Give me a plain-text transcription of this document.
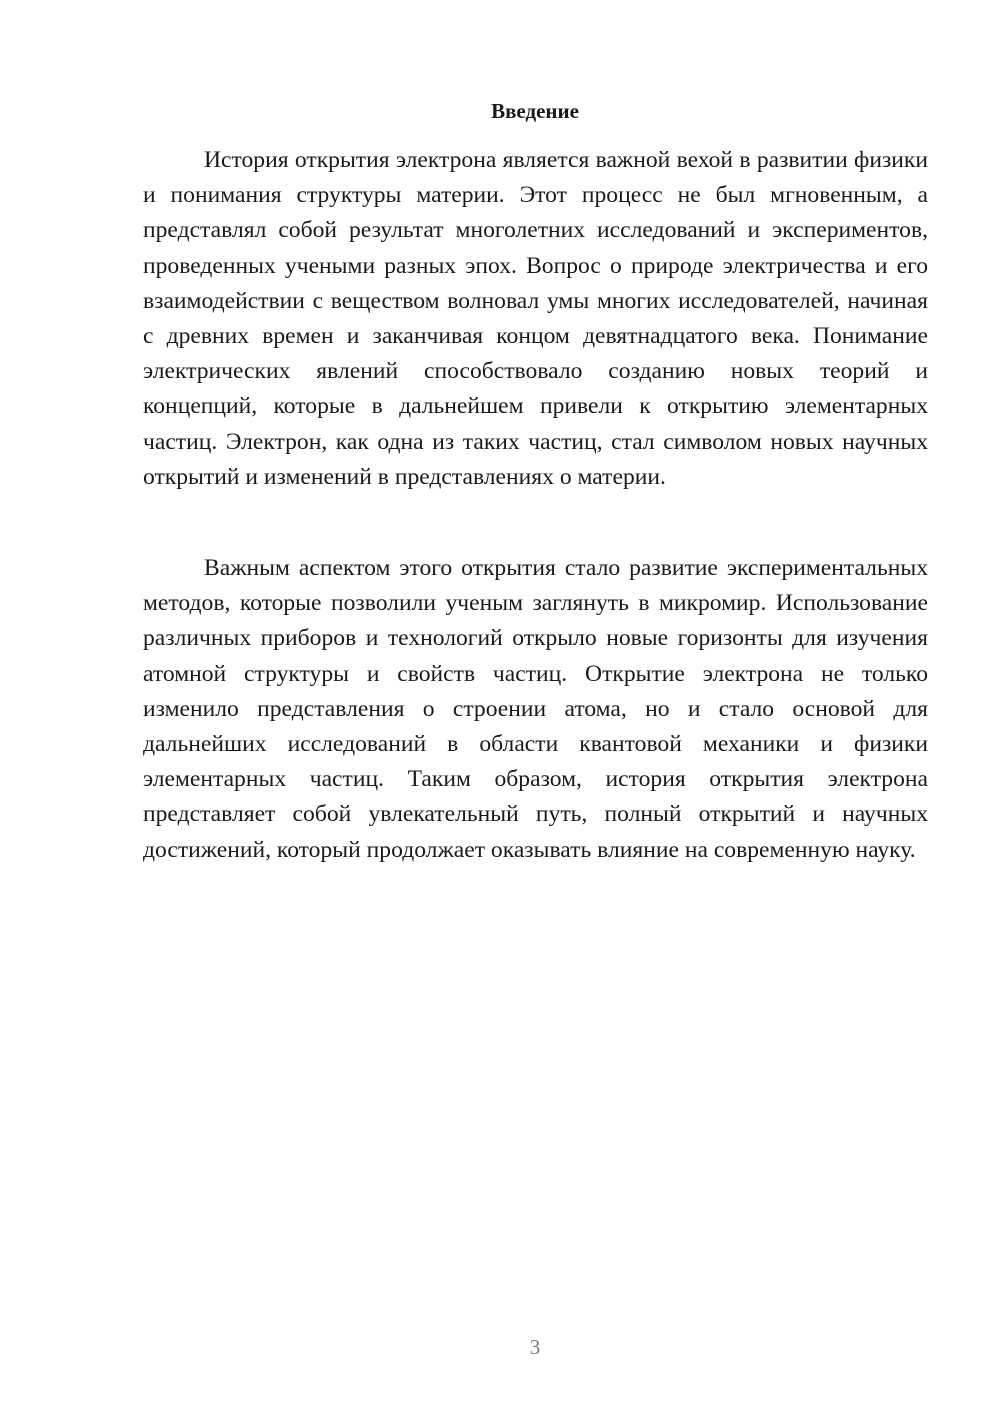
Введение

История открытия электрона является важной вехой в развитии физики и понимания структуры материи. Этот процесс не был мгновенным, а представлял собой результат многолетних исследований и экспериментов, проведенных учеными разных эпох. Вопрос о природе электричества и его взаимодействии с веществом волновал умы многих исследователей, начиная с древних времен и заканчивая концом девятнадцатого века. Понимание электрических явлений способствовало созданию новых теорий и концепций, которые в дальнейшем привели к открытию элементарных частиц. Электрон, как одна из таких частиц, стал символом новых научных открытий и изменений в представлениях о материи.

Важным аспектом этого открытия стало развитие экспериментальных методов, которые позволили ученым заглянуть в микромир. Использование различных приборов и технологий открыло новые горизонты для изучения атомной структуры и свойств частиц. Открытие электрона не только изменило представления о строении атома, но и стало основой для дальнейших исследований в области квантовой механики и физики элементарных частиц. Таким образом, история открытия электрона представляет собой увлекательный путь, полный открытий и научных достижений, который продолжает оказывать влияние на современную науку.

3
